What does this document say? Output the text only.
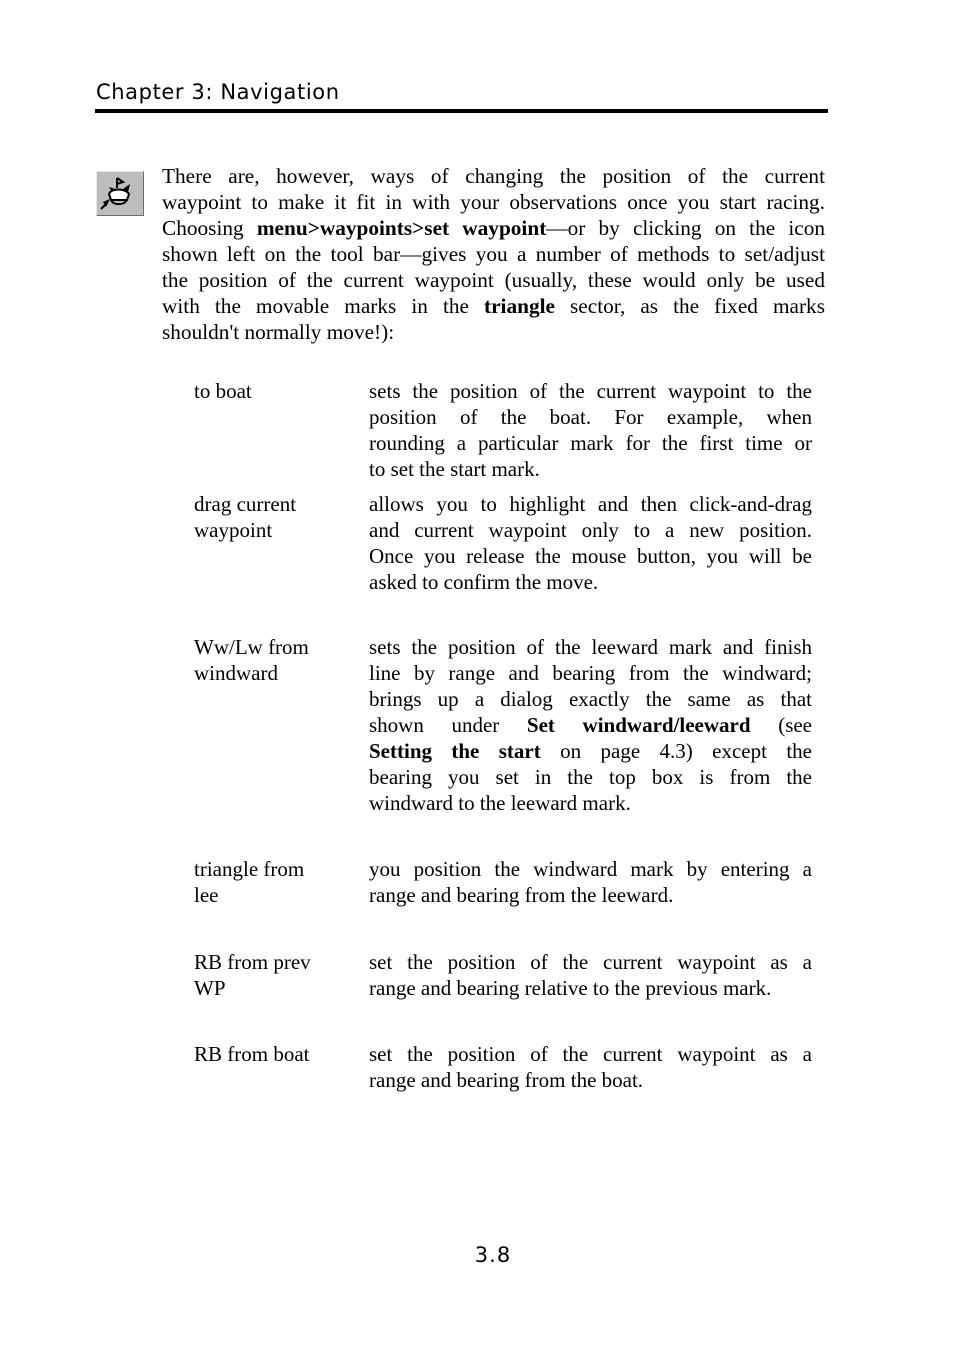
Chapter 3: Navigation
There are, however, ways of changing the position of the current
waypoint to make it fit in with your observations once you start racing.
Choosing menu>waypoints>set waypoint—or by clicking on the icon
shown left on the tool bar—gives you a number of methods to set/adjust
the position of the current waypoint (usually, these would only be used
with the movable marks in the triangle sector, as the fixed marks
shouldn't normally move!):
to boat	sets the position of the current waypoint to the
position of the boat. For example, when
rounding a particular mark for the first time or
to set the start mark.
drag current
waypoint
allows you to highlight and then click-and-drag
and current waypoint only to a new position.
Once you release the mouse button, you will be
asked to confirm the move.
Ww/Lw from
windward
sets the position of the leeward mark and finish
line by range and bearing from the windward;
brings up a dialog exactly the same as that
shown under Set windward/leeward (see
Setting the start on page 4.3) except the
bearing you set in the top box is from the
windward to the leeward mark.
triangle from
lee
you position the windward mark by entering a
range and bearing from the leeward.
RB from prev
WP
set the position of the current waypoint as a
range and bearing relative to the previous mark.
RB from boat	set the position of the current waypoint as a
range and bearing from the boat.
3.8
